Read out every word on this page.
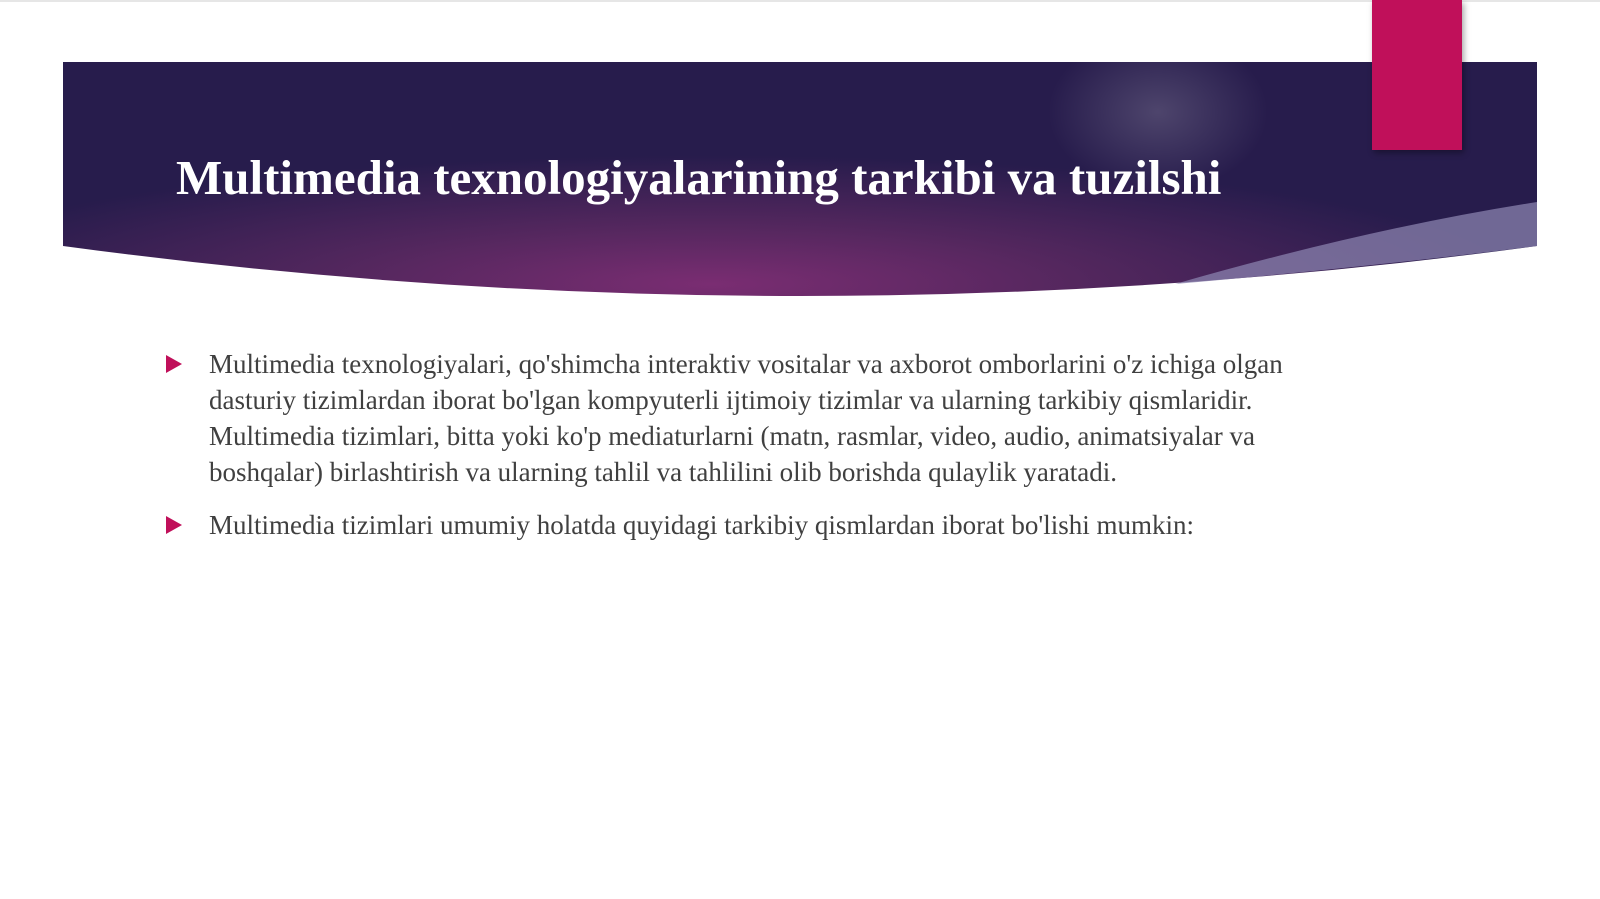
Multimedia texnologiyalarining tarkibi va tuzilshi
Multimedia texnologiyalari, qo'shimcha interaktiv vositalar va axborot omborlarini o'z ichiga olgan dasturiy tizimlardan iborat bo'lgan kompyuterli ijtimoiy tizimlar va ularning tarkibiy qismlaridir. Multimedia tizimlari, bitta yoki ko'p mediaturlarni (matn, rasmlar, video, audio, animatsiyalar va boshqalar) birlashtirish va ularning tahlil va tahlilini olib borishda qulaylik yaratadi.
Multimedia tizimlari umumiy holatda quyidagi tarkibiy qismlardan iborat bo'lishi mumkin:
